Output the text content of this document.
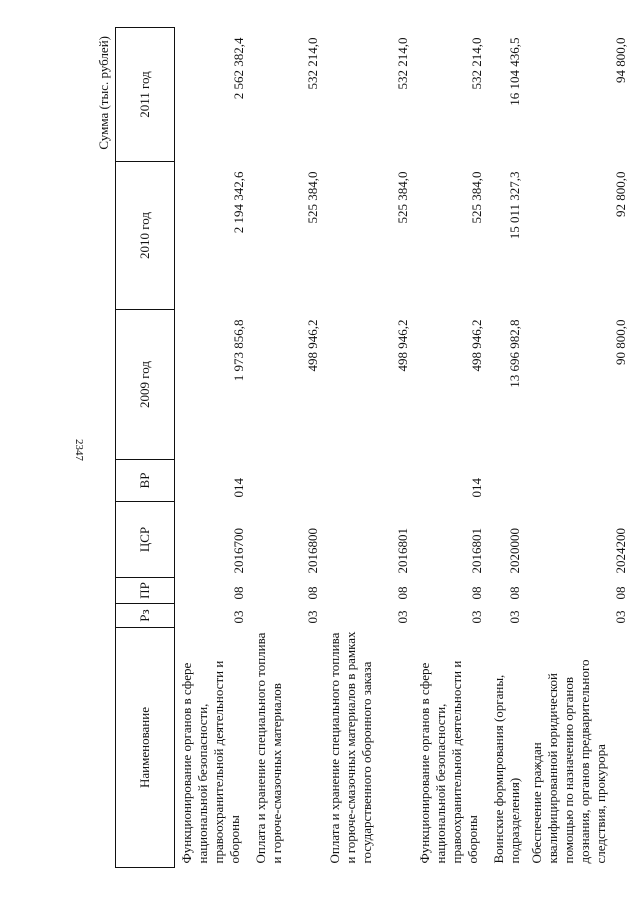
2347
Сумма (тыс. рублей)
Наименование	Рз	ПР	ЦСР	ВР	2009 год	2010 год	2011 год
Функционирование органов в сфере национальной безопасности, правоохранительной деятельности и обороны	03	08	2016700	014	1 973 856,8	2 194 342,6	2 562 382,4
Оплата и хранение специального топлива и горюче-смазочных материалов	03	08	2016800		498 946,2	525 384,0	532 214,0
Оплата и хранение специального топлива и горюче-смазочных материалов в рамках государственного оборонного заказа	03	08	2016801		498 946,2	525 384,0	532 214,0
Функционирование органов в сфере национальной безопасности, правоохранительной деятельности и обороны	03	08	2016801	014	498 946,2	525 384,0	532 214,0
Воинские формирования (органы, подразделения)	03	08	2020000		13 696 982,8	15 011 327,3	16 104 436,5
Обеспечение граждан квалифицированной юридической помощью по назначению органов дознания, органов предварительного следствия, прокурора	03	08	2024200		90 800,0	92 800,0	94 800,0
